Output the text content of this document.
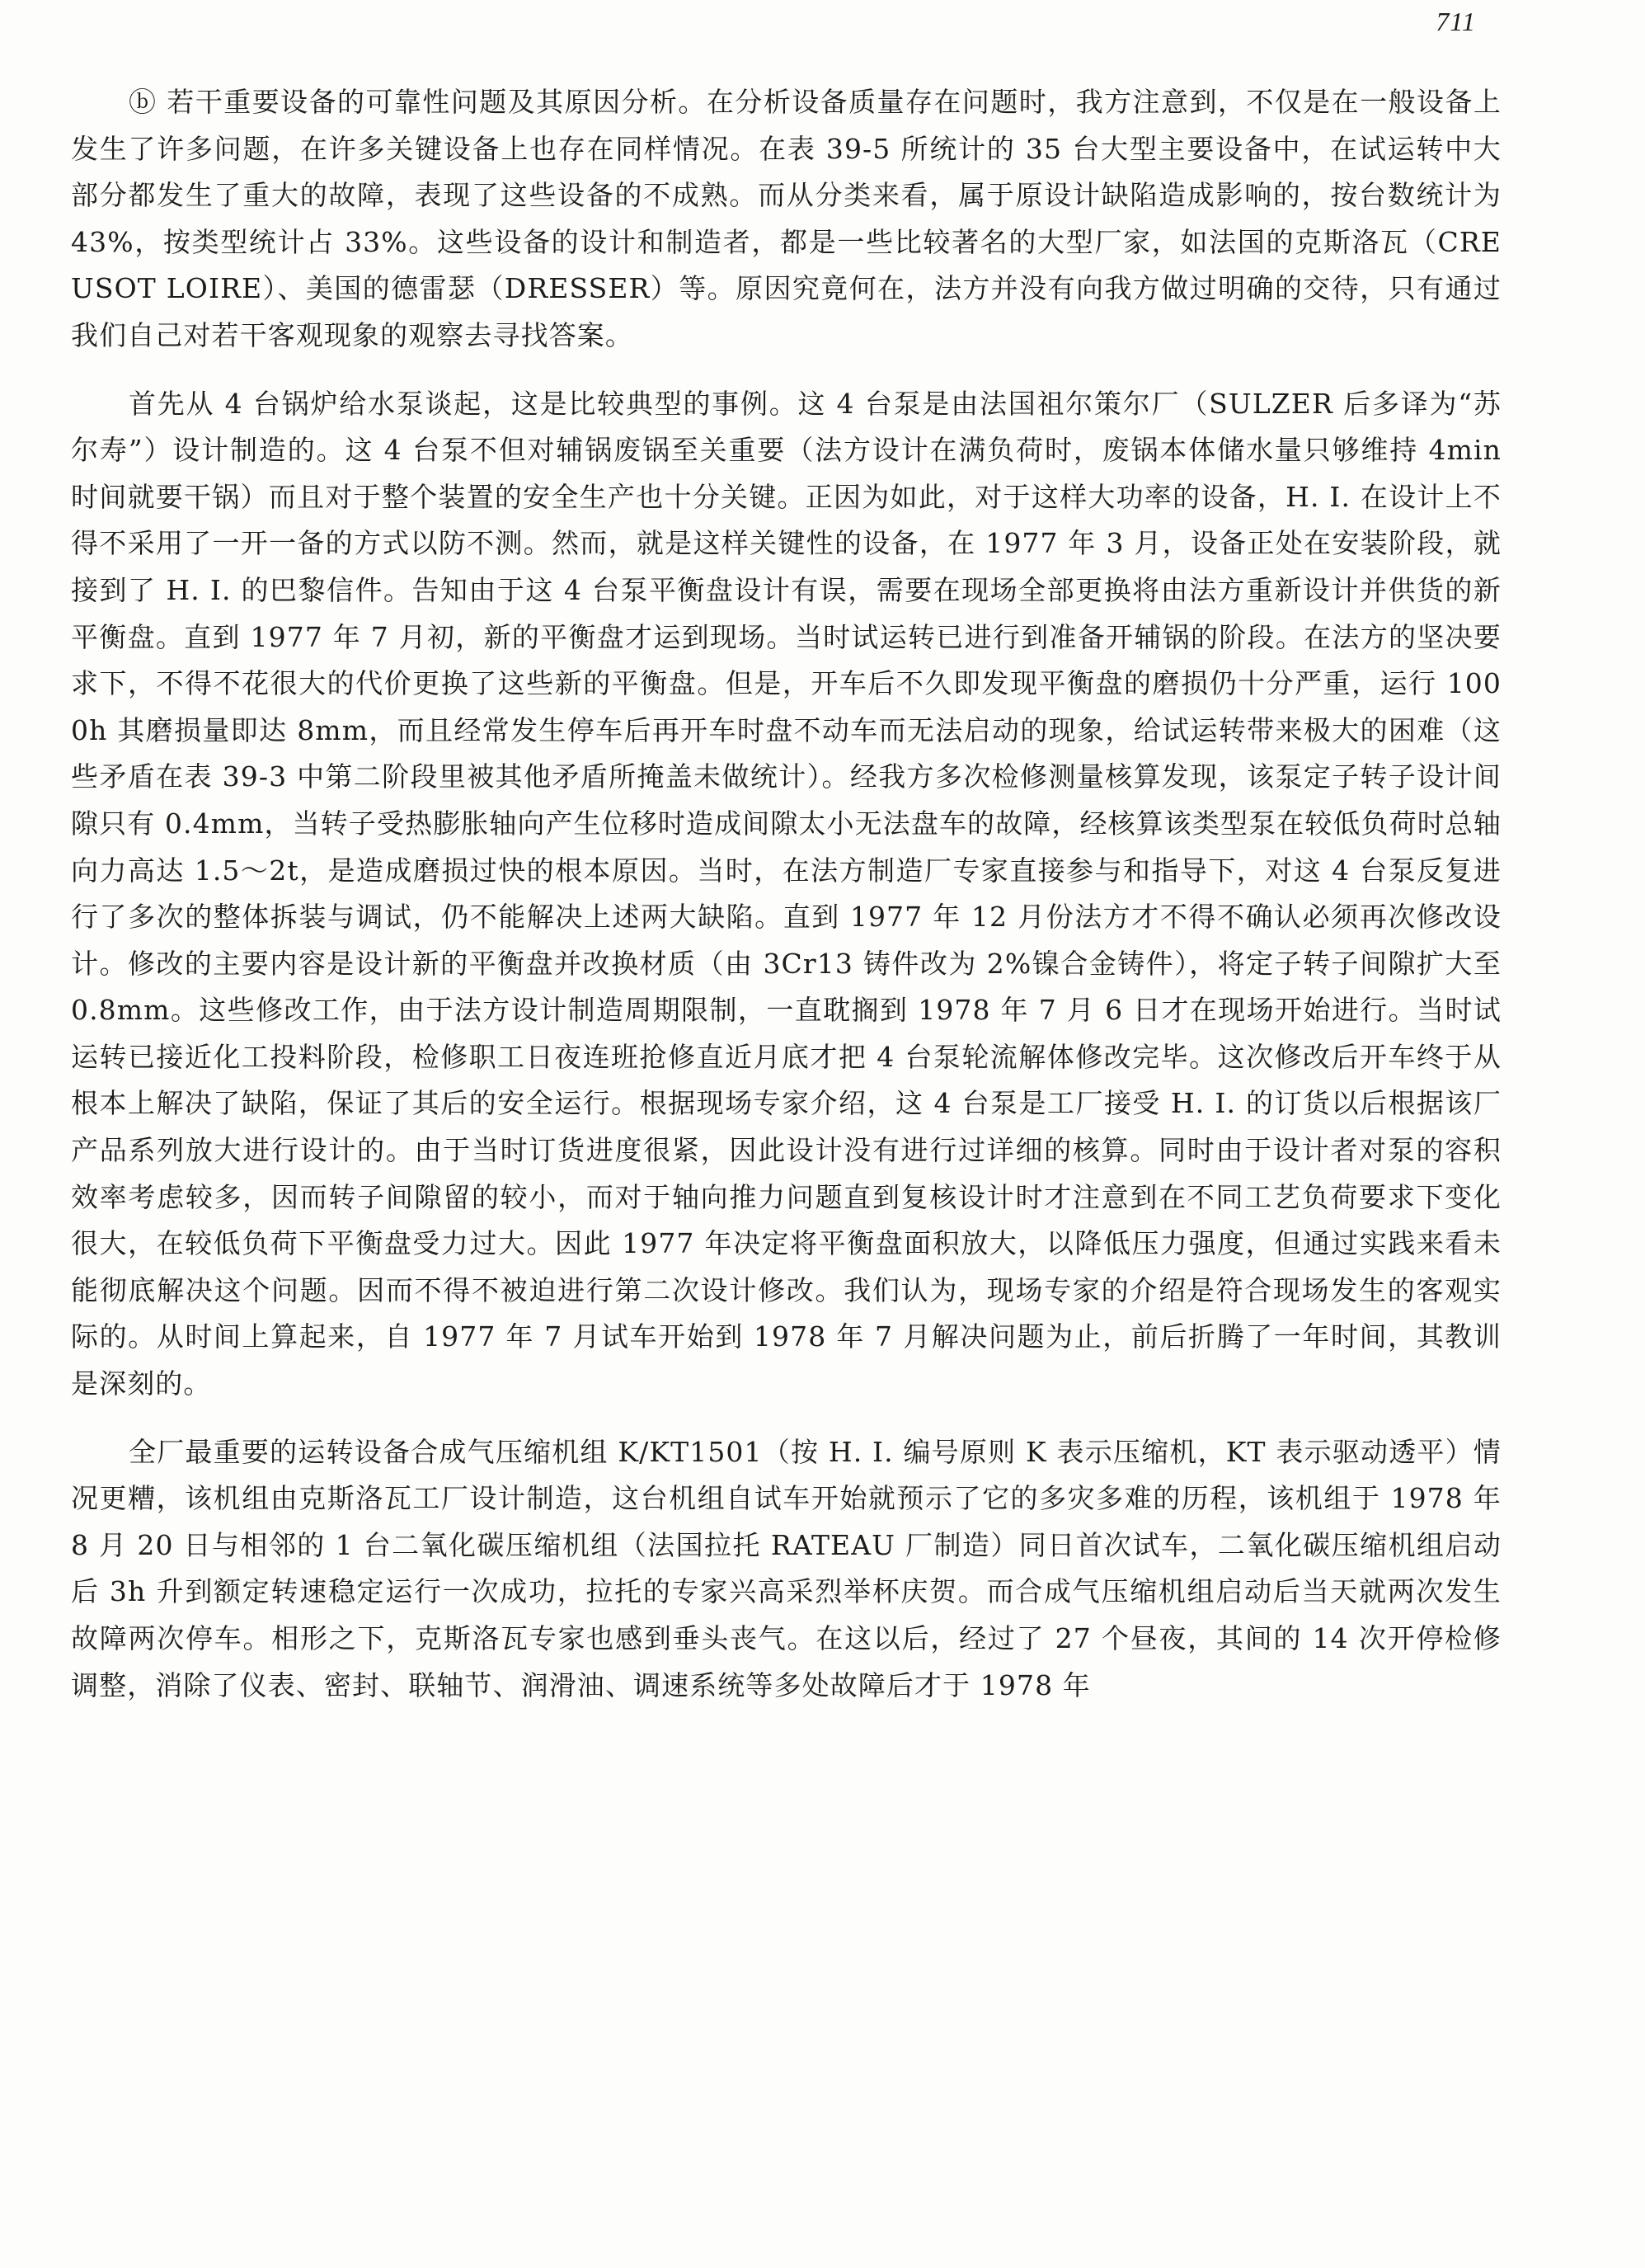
711

ⓑ 若干重要设备的可靠性问题及其原因分析。在分析设备质量存在问题时，我方注意到，不仅是在一般设备上发生了许多问题，在许多关键设备上也存在同样情况。在表 39-5 所统计的 35 台大型主要设备中，在试运转中大部分都发生了重大的故障，表现了这些设备的不成熟。而从分类来看，属于原设计缺陷造成影响的，按台数统计为 43%，按类型统计占 33%。这些设备的设计和制造者，都是一些比较著名的大型厂家，如法国的克斯洛瓦（CREUSOT LOIRE）、美国的德雷瑟（DRESSER）等。原因究竟何在，法方并没有向我方做过明确的交待，只有通过我们自己对若干客观现象的观察去寻找答案。

首先从 4 台锅炉给水泵谈起，这是比较典型的事例。这 4 台泵是由法国祖尔策尔厂（SULZER 后多译为“苏尔寿”）设计制造的。这 4 台泵不但对辅锅废锅至关重要（法方设计在满负荷时，废锅本体储水量只够维持 4min 时间就要干锅）而且对于整个装置的安全生产也十分关键。正因为如此，对于这样大功率的设备，H. I. 在设计上不得不采用了一开一备的方式以防不测。然而，就是这样关键性的设备，在 1977 年 3 月，设备正处在安装阶段，就接到了 H. I. 的巴黎信件。告知由于这 4 台泵平衡盘设计有误，需要在现场全部更换将由法方重新设计并供货的新平衡盘。直到 1977 年 7 月初，新的平衡盘才运到现场。当时试运转已进行到准备开辅锅的阶段。在法方的坚决要求下，不得不花很大的代价更换了这些新的平衡盘。但是，开车后不久即发现平衡盘的磨损仍十分严重，运行 1000h 其磨损量即达 8mm，而且经常发生停车后再开车时盘不动车而无法启动的现象，给试运转带来极大的困难（这些矛盾在表 39-3 中第二阶段里被其他矛盾所掩盖未做统计）。经我方多次检修测量核算发现，该泵定子转子设计间隙只有 0.4mm，当转子受热膨胀轴向产生位移时造成间隙太小无法盘车的故障，经核算该类型泵在较低负荷时总轴向力高达 1.5～2t，是造成磨损过快的根本原因。当时，在法方制造厂专家直接参与和指导下，对这 4 台泵反复进行了多次的整体拆装与调试，仍不能解决上述两大缺陷。直到 1977 年 12 月份法方才不得不确认必须再次修改设计。修改的主要内容是设计新的平衡盘并改换材质（由 3Cr13 铸件改为 2%镍合金铸件），将定子转子间隙扩大至 0.8mm。这些修改工作，由于法方设计制造周期限制，一直耽搁到 1978 年 7 月 6 日才在现场开始进行。当时试运转已接近化工投料阶段，检修职工日夜连班抢修直近月底才把 4 台泵轮流解体修改完毕。这次修改后开车终于从根本上解决了缺陷，保证了其后的安全运行。根据现场专家介绍，这 4 台泵是工厂接受 H. I. 的订货以后根据该厂产品系列放大进行设计的。由于当时订货进度很紧，因此设计没有进行过详细的核算。同时由于设计者对泵的容积效率考虑较多，因而转子间隙留的较小，而对于轴向推力问题直到复核设计时才注意到在不同工艺负荷要求下变化很大，在较低负荷下平衡盘受力过大。因此 1977 年决定将平衡盘面积放大，以降低压力强度，但通过实践来看未能彻底解决这个问题。因而不得不被迫进行第二次设计修改。我们认为，现场专家的介绍是符合现场发生的客观实际的。从时间上算起来，自 1977 年 7 月试车开始到 1978 年 7 月解决问题为止，前后折腾了一年时间，其教训是深刻的。

全厂最重要的运转设备合成气压缩机组 K/KT1501（按 H. I. 编号原则 K 表示压缩机，KT 表示驱动透平）情况更糟，该机组由克斯洛瓦工厂设计制造，这台机组自试车开始就预示了它的多灾多难的历程，该机组于 1978 年 8 月 20 日与相邻的 1 台二氧化碳压缩机组（法国拉托 RATEAU 厂制造）同日首次试车，二氧化碳压缩机组启动后 3h 升到额定转速稳定运行一次成功，拉托的专家兴高采烈举杯庆贺。而合成气压缩机组启动后当天就两次发生故障两次停车。相形之下，克斯洛瓦专家也感到垂头丧气。在这以后，经过了 27 个昼夜，其间的 14 次开停检修调整，消除了仪表、密封、联轴节、润滑油、调速系统等多处故障后才于 1978 年
